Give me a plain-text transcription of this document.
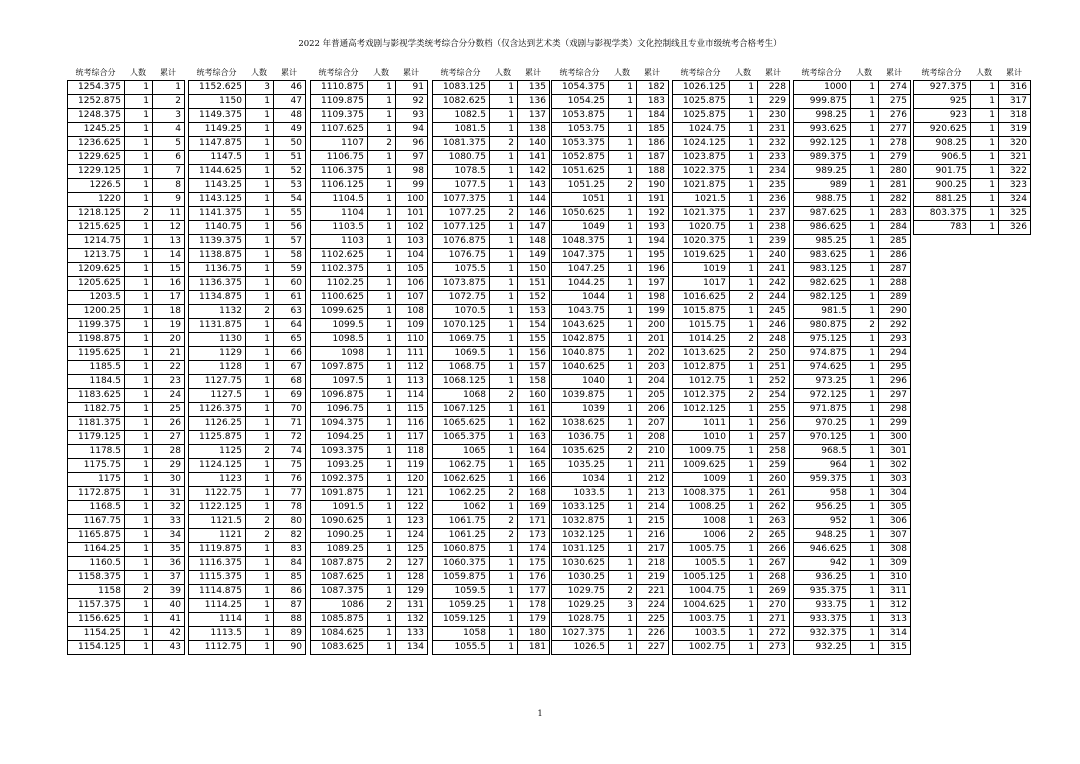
2022 年普通高考戏剧与影视学类统考综合分分数档（仅含达到艺术类（戏剧与影视学类）文化控制线且专业市级统考合格考生）
统考综合分	人数	累计
1254.375	1	1
1252.875	1	2
1248.375	1	3
1245.25	1	4
1236.625	1	5
1229.625	1	6
1229.125	1	7
1226.5	1	8
1220	1	9
1218.125	2	11
1215.625	1	12
1214.75	1	13
1213.75	1	14
1209.625	1	15
1205.625	1	16
1203.5	1	17
1200.25	1	18
1199.375	1	19
1198.875	1	20
1195.625	1	21
1185.5	1	22
1184.5	1	23
1183.625	1	24
1182.75	1	25
1181.375	1	26
1179.125	1	27
1178.5	1	28
1175.75	1	29
1175	1	30
1172.875	1	31
1168.5	1	32
1167.75	1	33
1165.875	1	34
1164.25	1	35
1160.5	1	36
1158.375	1	37
1158	2	39
1157.375	1	40
1156.625	1	41
1154.25	1	42
1154.125	1	43
统考综合分	人数	累计
1152.625	3	46
1150	1	47
1149.375	1	48
1149.25	1	49
1147.875	1	50
1147.5	1	51
1144.625	1	52
1143.25	1	53
1143.125	1	54
1141.375	1	55
1140.75	1	56
1139.375	1	57
1138.875	1	58
1136.75	1	59
1136.375	1	60
1134.875	1	61
1132	2	63
1131.875	1	64
1130	1	65
1129	1	66
1128	1	67
1127.75	1	68
1127.5	1	69
1126.375	1	70
1126.25	1	71
1125.875	1	72
1125	2	74
1124.125	1	75
1123	1	76
1122.75	1	77
1122.125	1	78
1121.5	2	80
1121	2	82
1119.875	1	83
1116.375	1	84
1115.375	1	85
1114.875	1	86
1114.25	1	87
1114	1	88
1113.5	1	89
1112.75	1	90
统考综合分	人数	累计
1110.875	1	91
1109.875	1	92
1109.375	1	93
1107.625	1	94
1107	2	96
1106.75	1	97
1106.375	1	98
1106.125	1	99
1104.5	1	100
1104	1	101
1103.5	1	102
1103	1	103
1102.625	1	104
1102.375	1	105
1102.25	1	106
1100.625	1	107
1099.625	1	108
1099.5	1	109
1098.5	1	110
1098	1	111
1097.875	1	112
1097.5	1	113
1096.875	1	114
1096.75	1	115
1094.375	1	116
1094.25	1	117
1093.375	1	118
1093.25	1	119
1092.375	1	120
1091.875	1	121
1091.5	1	122
1090.625	1	123
1090.25	1	124
1089.25	1	125
1087.875	2	127
1087.625	1	128
1087.375	1	129
1086	2	131
1085.875	1	132
1084.625	1	133
1083.625	1	134
统考综合分	人数	累计
1083.125	1	135
1082.625	1	136
1082.5	1	137
1081.5	1	138
1081.375	2	140
1080.75	1	141
1078.5	1	142
1077.5	1	143
1077.375	1	144
1077.25	2	146
1077.125	1	147
1076.875	1	148
1076.75	1	149
1075.5	1	150
1073.875	1	151
1072.75	1	152
1070.5	1	153
1070.125	1	154
1069.75	1	155
1069.5	1	156
1068.75	1	157
1068.125	1	158
1068	2	160
1067.125	1	161
1065.625	1	162
1065.375	1	163
1065	1	164
1062.75	1	165
1062.625	1	166
1062.25	2	168
1062	1	169
1061.75	2	171
1061.25	2	173
1060.875	1	174
1060.375	1	175
1059.875	1	176
1059.5	1	177
1059.25	1	178
1059.125	1	179
1058	1	180
1055.5	1	181
统考综合分	人数	累计
1054.375	1	182
1054.25	1	183
1053.875	1	184
1053.75	1	185
1053.375	1	186
1052.875	1	187
1051.625	1	188
1051.25	2	190
1051	1	191
1050.625	1	192
1049	1	193
1048.375	1	194
1047.375	1	195
1047.25	1	196
1044.25	1	197
1044	1	198
1043.75	1	199
1043.625	1	200
1042.875	1	201
1040.875	1	202
1040.625	1	203
1040	1	204
1039.875	1	205
1039	1	206
1038.625	1	207
1036.75	1	208
1035.625	2	210
1035.25	1	211
1034	1	212
1033.5	1	213
1033.125	1	214
1032.875	1	215
1032.125	1	216
1031.125	1	217
1030.625	1	218
1030.25	1	219
1029.75	2	221
1029.25	3	224
1028.75	1	225
1027.375	1	226
1026.5	1	227
统考综合分	人数	累计
1026.125	1	228
1025.875	1	229
1025.875	1	230
1024.75	1	231
1024.125	1	232
1023.875	1	233
1022.375	1	234
1021.875	1	235
1021.5	1	236
1021.375	1	237
1020.75	1	238
1020.375	1	239
1019.625	1	240
1019	1	241
1017	1	242
1016.625	2	244
1015.875	1	245
1015.75	1	246
1014.25	2	248
1013.625	2	250
1012.875	1	251
1012.75	1	252
1012.375	2	254
1012.125	1	255
1011	1	256
1010	1	257
1009.75	1	258
1009.625	1	259
1009	1	260
1008.375	1	261
1008.25	1	262
1008	1	263
1006	2	265
1005.75	1	266
1005.5	1	267
1005.125	1	268
1004.75	1	269
1004.625	1	270
1003.75	1	271
1003.5	1	272
1002.75	1	273
统考综合分	人数	累计
1000	1	274
999.875	1	275
998.25	1	276
993.625	1	277
992.125	1	278
989.375	1	279
989.25	1	280
989	1	281
988.75	1	282
987.625	1	283
986.625	1	284
985.25	1	285
983.625	1	286
983.125	1	287
982.625	1	288
982.125	1	289
981.5	1	290
980.875	2	292
975.125	1	293
974.875	1	294
974.625	1	295
973.25	1	296
972.125	1	297
971.875	1	298
970.25	1	299
970.125	1	300
968.5	1	301
964	1	302
959.375	1	303
958	1	304
956.25	1	305
952	1	306
948.25	1	307
946.625	1	308
942	1	309
936.25	1	310
935.375	1	311
933.75	1	312
933.375	1	313
932.375	1	314
932.25	1	315
统考综合分	人数	累计
927.375	1	316
925	1	317
923	1	318
920.625	1	319
908.25	1	320
906.5	1	321
901.75	1	322
900.25	1	323
881.25	1	324
803.375	1	325
783	1	326
1
